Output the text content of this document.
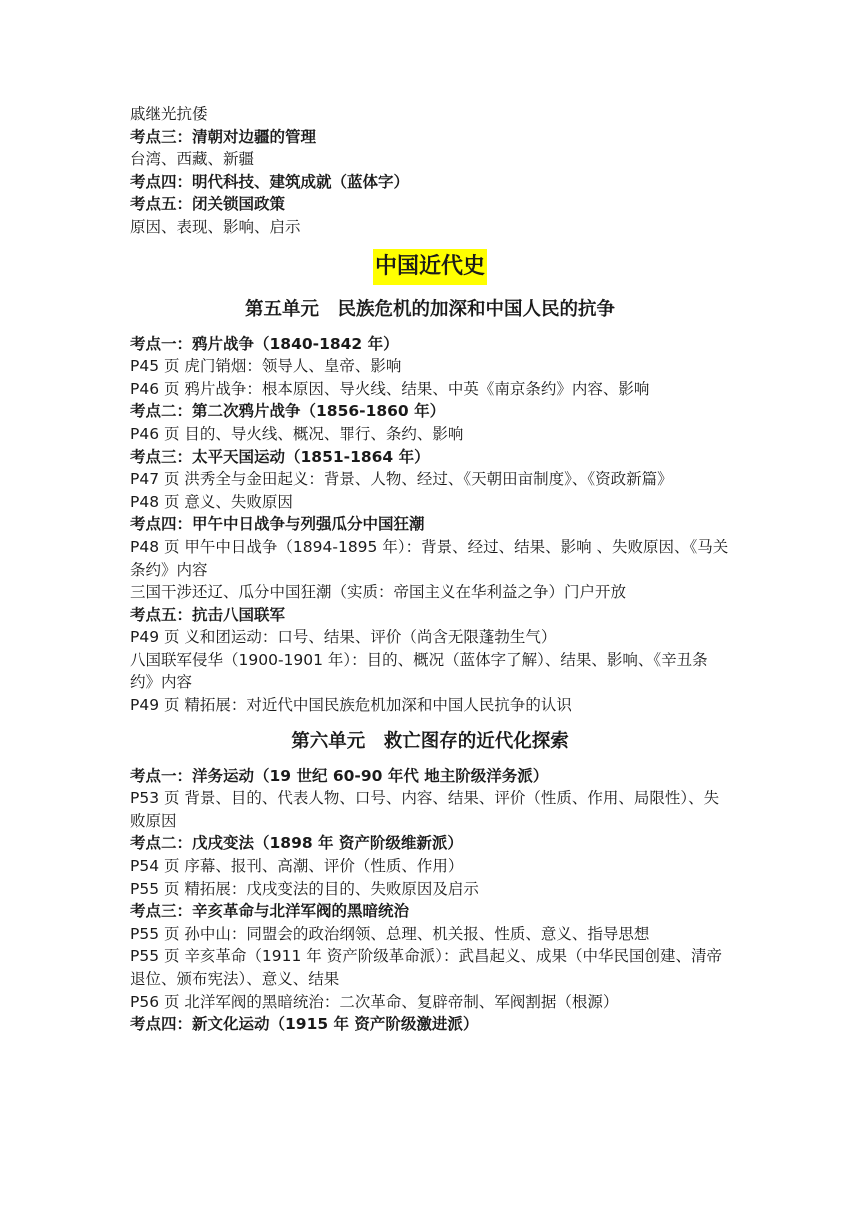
戚继光抗倭

考点三：清朝对边疆的管理

台湾、西藏、新疆

考点四：明代科技、建筑成就（蓝体字）

考点五：闭关锁国政策

原因、表现、影响、启示

中国近代史
第五单元　民族危机的加深和中国人民的抗争

考点一：鸦片战争（1840-1842 年）

P45 页 虎门销烟：领导人、皇帝、影响

P46 页 鸦片战争：根本原因、导火线、结果、中英《南京条约》内容、影响

考点二：第二次鸦片战争（1856-1860 年）

P46 页 目的、导火线、概况、罪行、条约、影响

考点三：太平天国运动（1851-1864 年）

P47 页 洪秀全与金田起义：背景、人物、经过、《天朝田亩制度》、《资政新篇》

P48 页 意义、失败原因

考点四：甲午中日战争与列强瓜分中国狂潮

P48 页 甲午中日战争（1894-1895 年）：背景、经过、结果、影响 、失败原因、《马关条约》内容

三国干涉还辽、瓜分中国狂潮（实质：帝国主义在华利益之争）门户开放

考点五：抗击八国联军

P49 页 义和团运动：口号、结果、评价（尚含无限蓬勃生气）

八国联军侵华（1900-1901 年）：目的、概况（蓝体字了解）、结果、影响、《辛丑条约》内容

P49 页 精拓展：对近代中国民族危机加深和中国人民抗争的认识

第六单元　救亡图存的近代化探索

考点一：洋务运动（19 世纪 60-90 年代 地主阶级洋务派）

P53 页 背景、目的、代表人物、口号、内容、结果、评价（性质、作用、局限性）、失败原因

考点二：戊戌变法（1898 年 资产阶级维新派）

P54 页 序幕、报刊、高潮、评价（性质、作用）

P55 页 精拓展：戊戌变法的目的、失败原因及启示

考点三：辛亥革命与北洋军阀的黑暗统治

P55 页 孙中山：同盟会的政治纲领、总理、机关报、性质、意义、指导思想

P55 页 辛亥革命（1911 年 资产阶级革命派）：武昌起义、成果（中华民国创建、清帝退位、颁布宪法）、意义、结果

P56 页 北洋军阀的黑暗统治：二次革命、复辟帝制、军阀割据（根源）

考点四：新文化运动（1915 年 资产阶级激进派）
